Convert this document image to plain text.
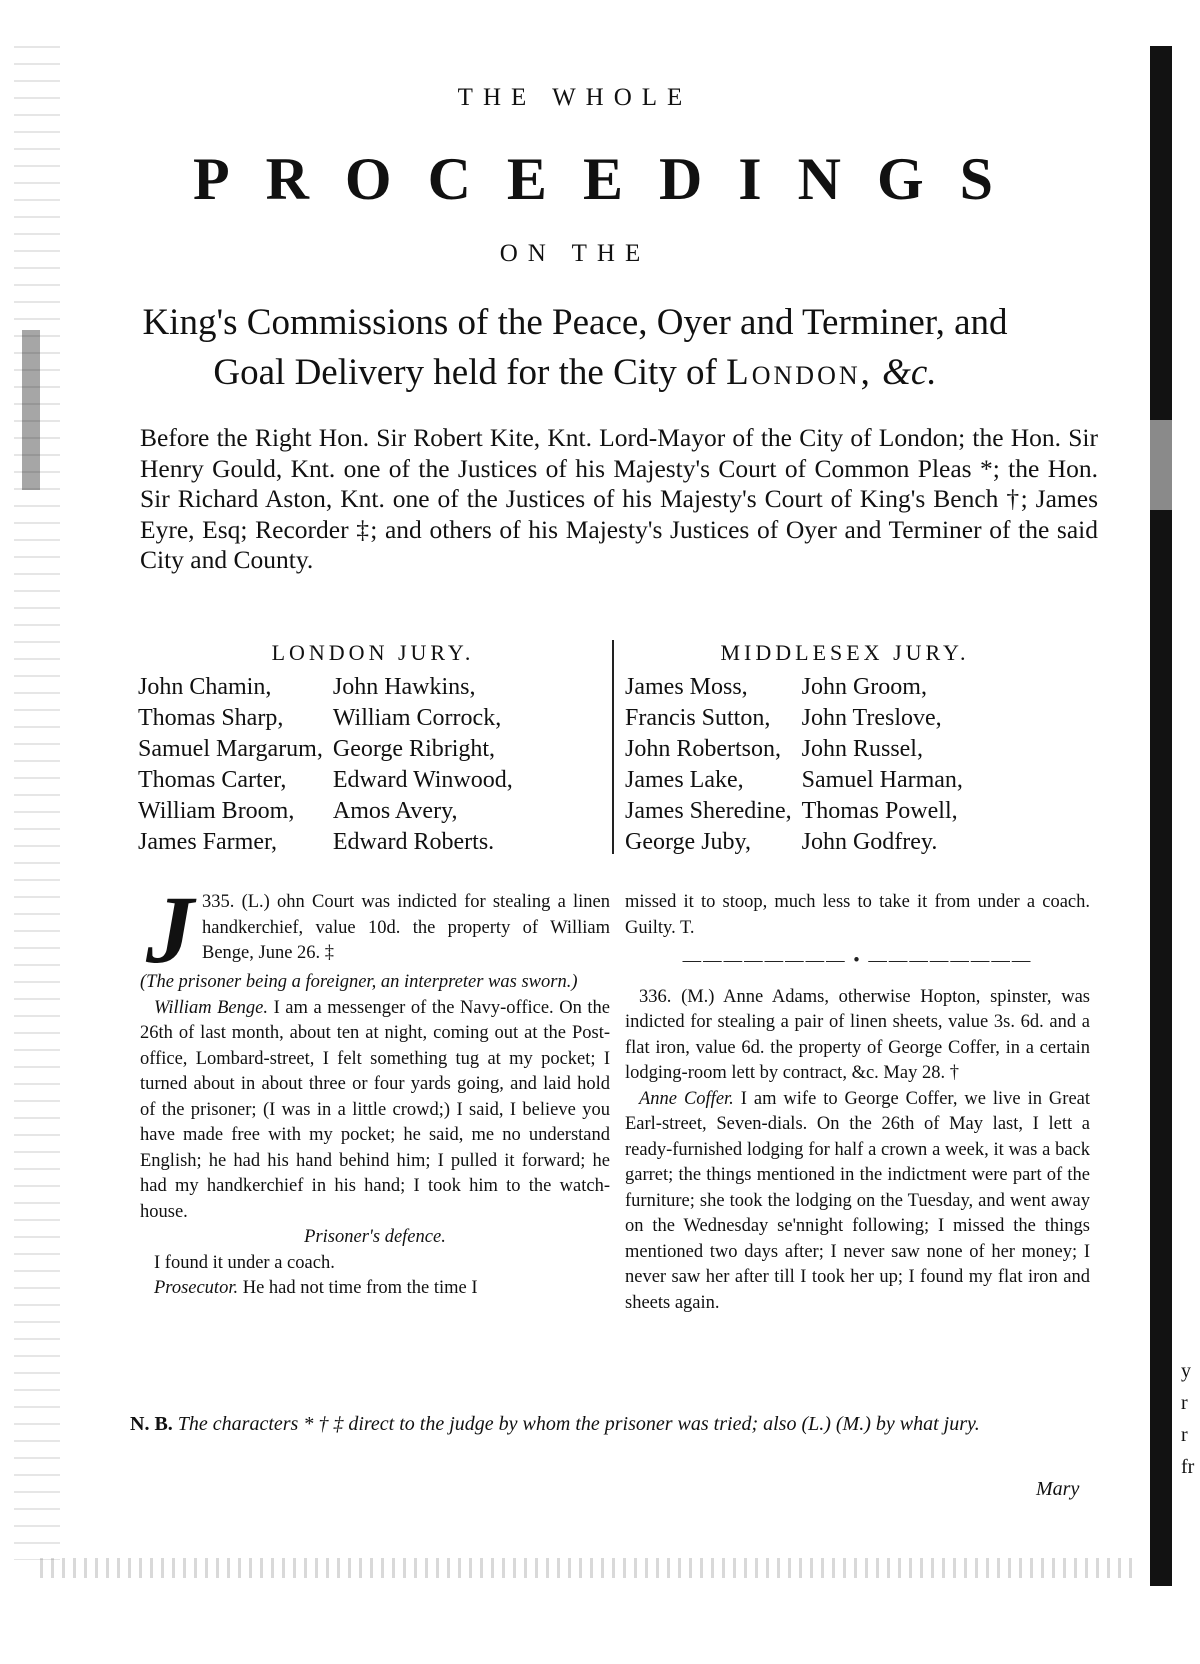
y
r
r
fr
THE WHOLE
PROCEEDINGS
ON THE
King's Commissions of the Peace, Oyer and Terminer, and
Goal Delivery held for the City of London, &c.

Before the Right Hon. Sir Robert Kite, Knt. Lord-Mayor of the City of London; the Hon. Sir Henry Gould, Knt. one of the Justices of his Majesty's Court of Common Pleas *; the Hon. Sir Richard Aston, Knt. one of the Justices of his Majesty's Court of King's Bench †; James Eyre, Esq; Recorder ‡; and others of his Majesty's Justices of Oyer and Terminer of the said City and County.

LONDON JURY.
John Chamin,	John Hawkins,
Thomas Sharp,	William Corrock,
Samuel Margarum,	George Ribright,
Thomas Carter,	Edward Winwood,
William Broom,	Amos Avery,
James Farmer,	Edward Roberts.
MIDDLESEX JURY.
James Moss,	John Groom,
Francis Sutton,	John Treslove,
John Robertson,	John Russel,
James Lake,	Samuel Harman,
James Sheredine,	Thomas Powell,
George Juby,	John Godfrey.

335. (L.)
J	ohn Court was indicted for stealing a linen handkerchief, value 10d. the property of William Benge, June 26. ‡

(The prisoner being a foreigner, an interpreter was sworn.)

William Benge. I am a messenger of the Navy-office. On the 26th of last month, about ten at night, coming out at the Post-office, Lombard-street, I felt something tug at my pocket; I turned about in about three or four yards going, and laid hold of the prisoner; (I was in a little crowd;) I said, I believe you have made free with my pocket; he said, me no understand English; he had his hand behind him; I pulled it forward; he had my handkerchief in his hand; I took him to the watch-house.

Prisoner's defence.

I found it under a coach.

Prosecutor. He had not time from the time I

missed it to stoop, much less to take it from under a coach. Guilty. T.

———————— • ————————

336. (M.) Anne Adams, otherwise Hopton, spinster, was indicted for stealing a pair of linen sheets, value 3s. 6d. and a flat iron, value 6d. the property of George Coffer, in a certain lodging-room lett by contract, &c. May 28. †

Anne Coffer. I am wife to George Coffer, we live in Great Earl-street, Seven-dials. On the 26th of May last, I lett a ready-furnished lodging for half a crown a week, it was a back garret; the things mentioned in the indictment were part of the furniture; she took the lodging on the Tuesday, and went away on the Wednesday se'nnight following; I missed the things mentioned two days after; I never saw none of her money; I never saw her after till I took her up; I found my flat iron and sheets again.

N. B. The characters * † ‡ direct to the judge by whom the prisoner was tried; also (L.) (M.) by what jury.
Mary
